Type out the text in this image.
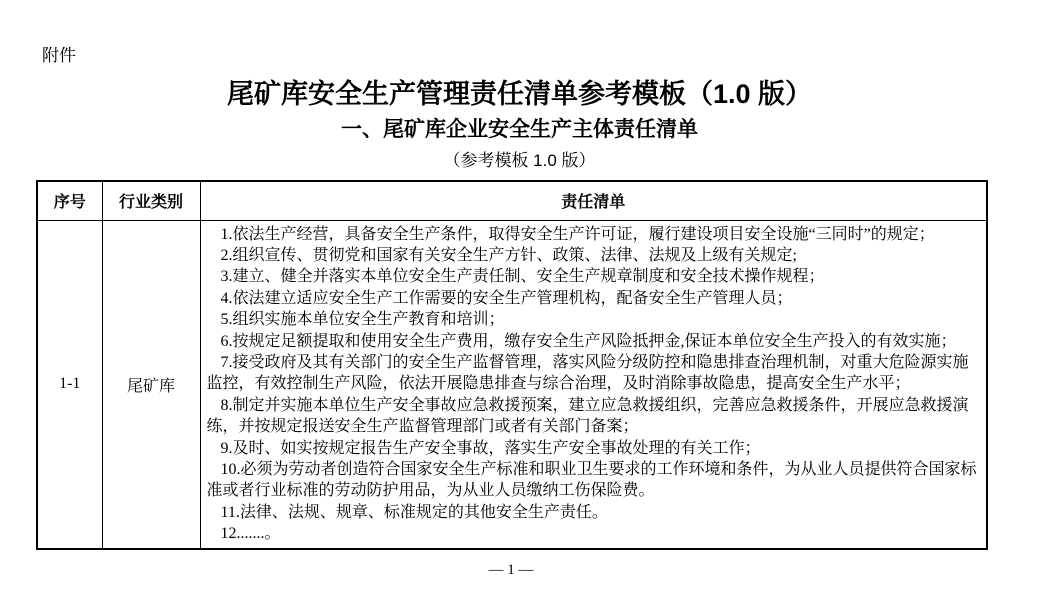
附件
尾矿库安全生产管理责任清单参考模板（1.0 版）
一、尾矿库企业安全生产主体责任清单
（参考模板 1.0 版）
序号	行业类别	责任清单
1-1	尾矿库	

1.依法生产经营，具备安全生产条件，取得安全生产许可证，履行建设项目安全设施“三同时”的规定；

2.组织宣传、贯彻党和国家有关安全生产方针、政策、法律、法规及上级有关规定;

3.建立、健全并落实本单位安全生产责任制、安全生产规章制度和安全技术操作规程；

4.依法建立适应安全生产工作需要的安全生产管理机构，配备安全生产管理人员；

5.组织实施本单位安全生产教育和培训；

6.按规定足额提取和使用安全生产费用，缴存安全生产风险抵押金,保证本单位安全生产投入的有效实施；

7.接受政府及其有关部门的安全生产监督管理，落实风险分级防控和隐患排查治理机制，对重大危险源实施监控，有效控制生产风险，依法开展隐患排查与综合治理，及时消除事故隐患，提高安全生产水平；

8.制定并实施本单位生产安全事故应急救援预案，建立应急救援组织，完善应急救援条件，开展应急救援演练，并按规定报送安全生产监督管理部门或者有关部门备案；

9.及时、如实按规定报告生产安全事故，落实生产安全事故处理的有关工作；

10.必须为劳动者创造符合国家安全生产标准和职业卫生要求的工作环境和条件，为从业人员提供符合国家标准或者行业标准的劳动防护用品，为从业人员缴纳工伤保险费。

11.法律、法规、规章、标准规定的其他安全生产责任。

12.......。

— 1 —
